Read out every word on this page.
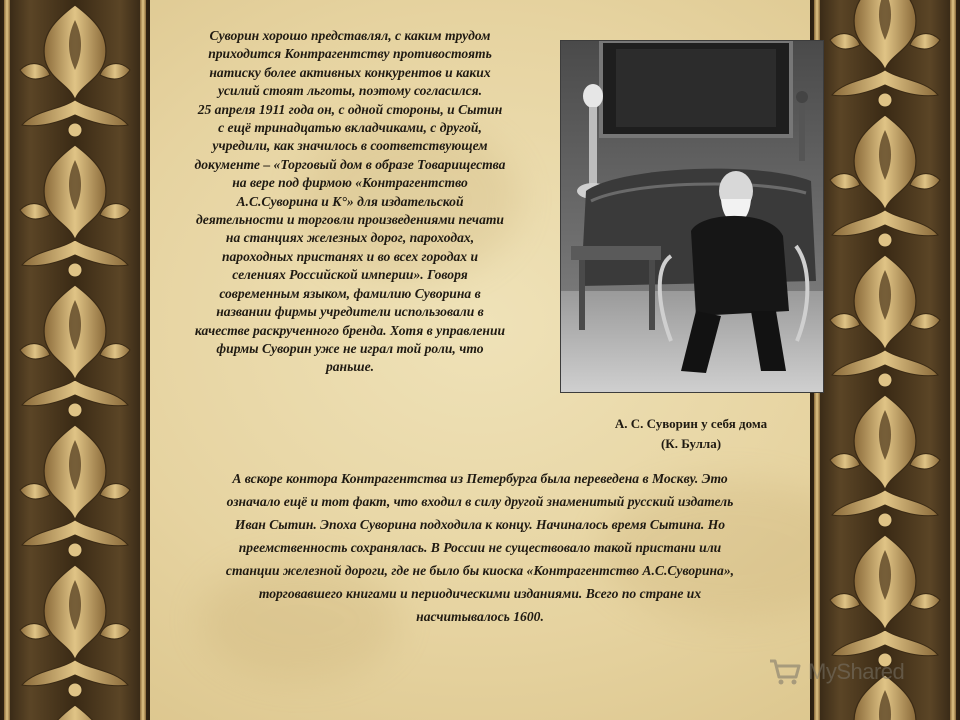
Суворин хорошо представлял, с каким трудом
приходится Контрагентству противостоять
натиску более активных конкурентов и каких
усилий стоят льготы, поэтому согласился.
25 апреля 1911 года он, с одной стороны, и Сытин
с ещё тринадцатью вкладчиками, с другой,
учредили, как значилось в соответствующем
документе – «Торговый дом в образе Товарищества
на вере под фирмою «Контрагентство
А.С.Суворина и К°» для издательской
деятельности и торговли произведениями печати
на станциях железных дорог, пароходах,
пароходных пристанях и во всех городах и
селениях Российской империи». Говоря
современным языком, фамилию Суворина в
названии фирмы учредители использовали в
качестве раскрученного бренда. Хотя в управлении
фирмы Суворин уже не играл той роли, что
раньше.
А. С. Суворин у себя дома
(К. Булла)
А вскоре контора Контрагентства из Петербурга была переведена в Москву. Это
означало ещё и тот факт, что входил в силу другой знаменитый русский издатель
Иван Сытин. Эпоха Суворина подходила к концу. Начиналось время Сытина. Но
преемственность сохранялась. В России не существовало такой пристани или
станции железной дороги, где не было бы киоска «Контрагентство А.С.Суворина»,
торговавшего книгами и периодическими изданиями. Всего по стране их
насчитывалось 1600.
MyShared
